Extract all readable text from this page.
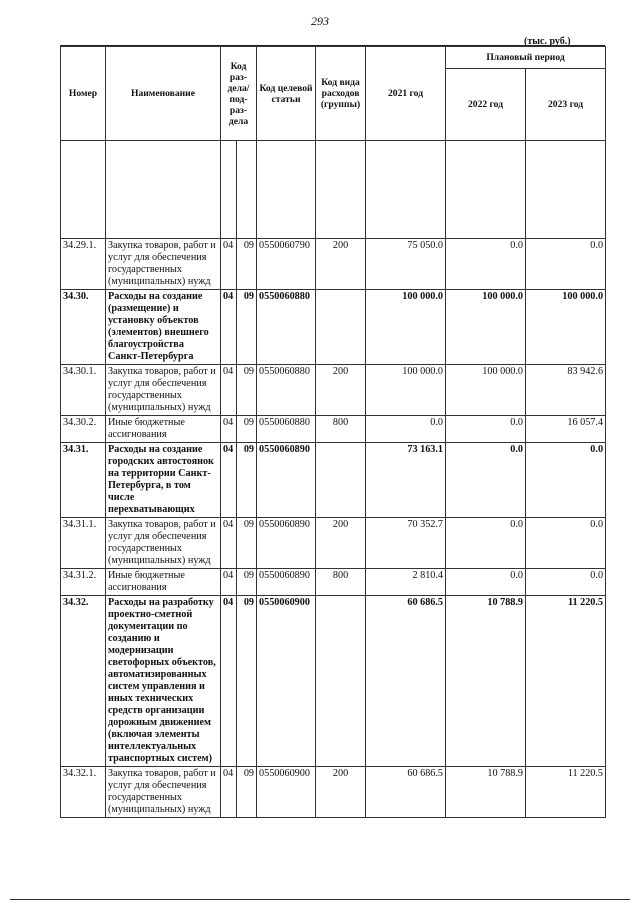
293
(тыс. руб.)
Номер	Наименование	Код раз-дела/ под-раз-дела		Код целевой статьи	Код вида расходов (группы)	2021 год	Плановый период	
							2022 год	2023 год

34.29.1.	Закупка товаров, работ и услуг для обеспечения государственных (муниципальных) нужд	04	09	0550060790	200	75 050.0	0.0	0.0
34.30.	Расходы на создание (размещение) и установку объектов (элементов) внешнего благоустройства Санкт-Петербурга	04	09	0550060880		100 000.0	100 000.0	100 000.0
34.30.1.	Закупка товаров, работ и услуг для обеспечения государственных (муниципальных) нужд	04	09	0550060880	200	100 000.0	100 000.0	83 942.6
34.30.2.	Иные бюджетные ассигнования	04	09	0550060880	800	0.0	0.0	16 057.4
34.31.	Расходы на создание городских автостоянок на территории Санкт-Петербурга, в том числе перехватывающих	04	09	0550060890		73 163.1	0.0	0.0
34.31.1.	Закупка товаров, работ и услуг для обеспечения государственных (муниципальных) нужд	04	09	0550060890	200	70 352.7	0.0	0.0
34.31.2.	Иные бюджетные ассигнования	04	09	0550060890	800	2 810.4	0.0	0.0
34.32.	Расходы на разработку проектно-сметной документации по созданию и модернизации светофорных объектов, автоматизированных систем управления и иных технических средств организации дорожным движением (включая элементы интеллектуальных транспортных систем)	04	09	0550060900		60 686.5	10 788.9	11 220.5
34.32.1.	Закупка товаров, работ и услуг для обеспечения государственных (муниципальных) нужд	04	09	0550060900	200	60 686.5	10 788.9	11 220.5
